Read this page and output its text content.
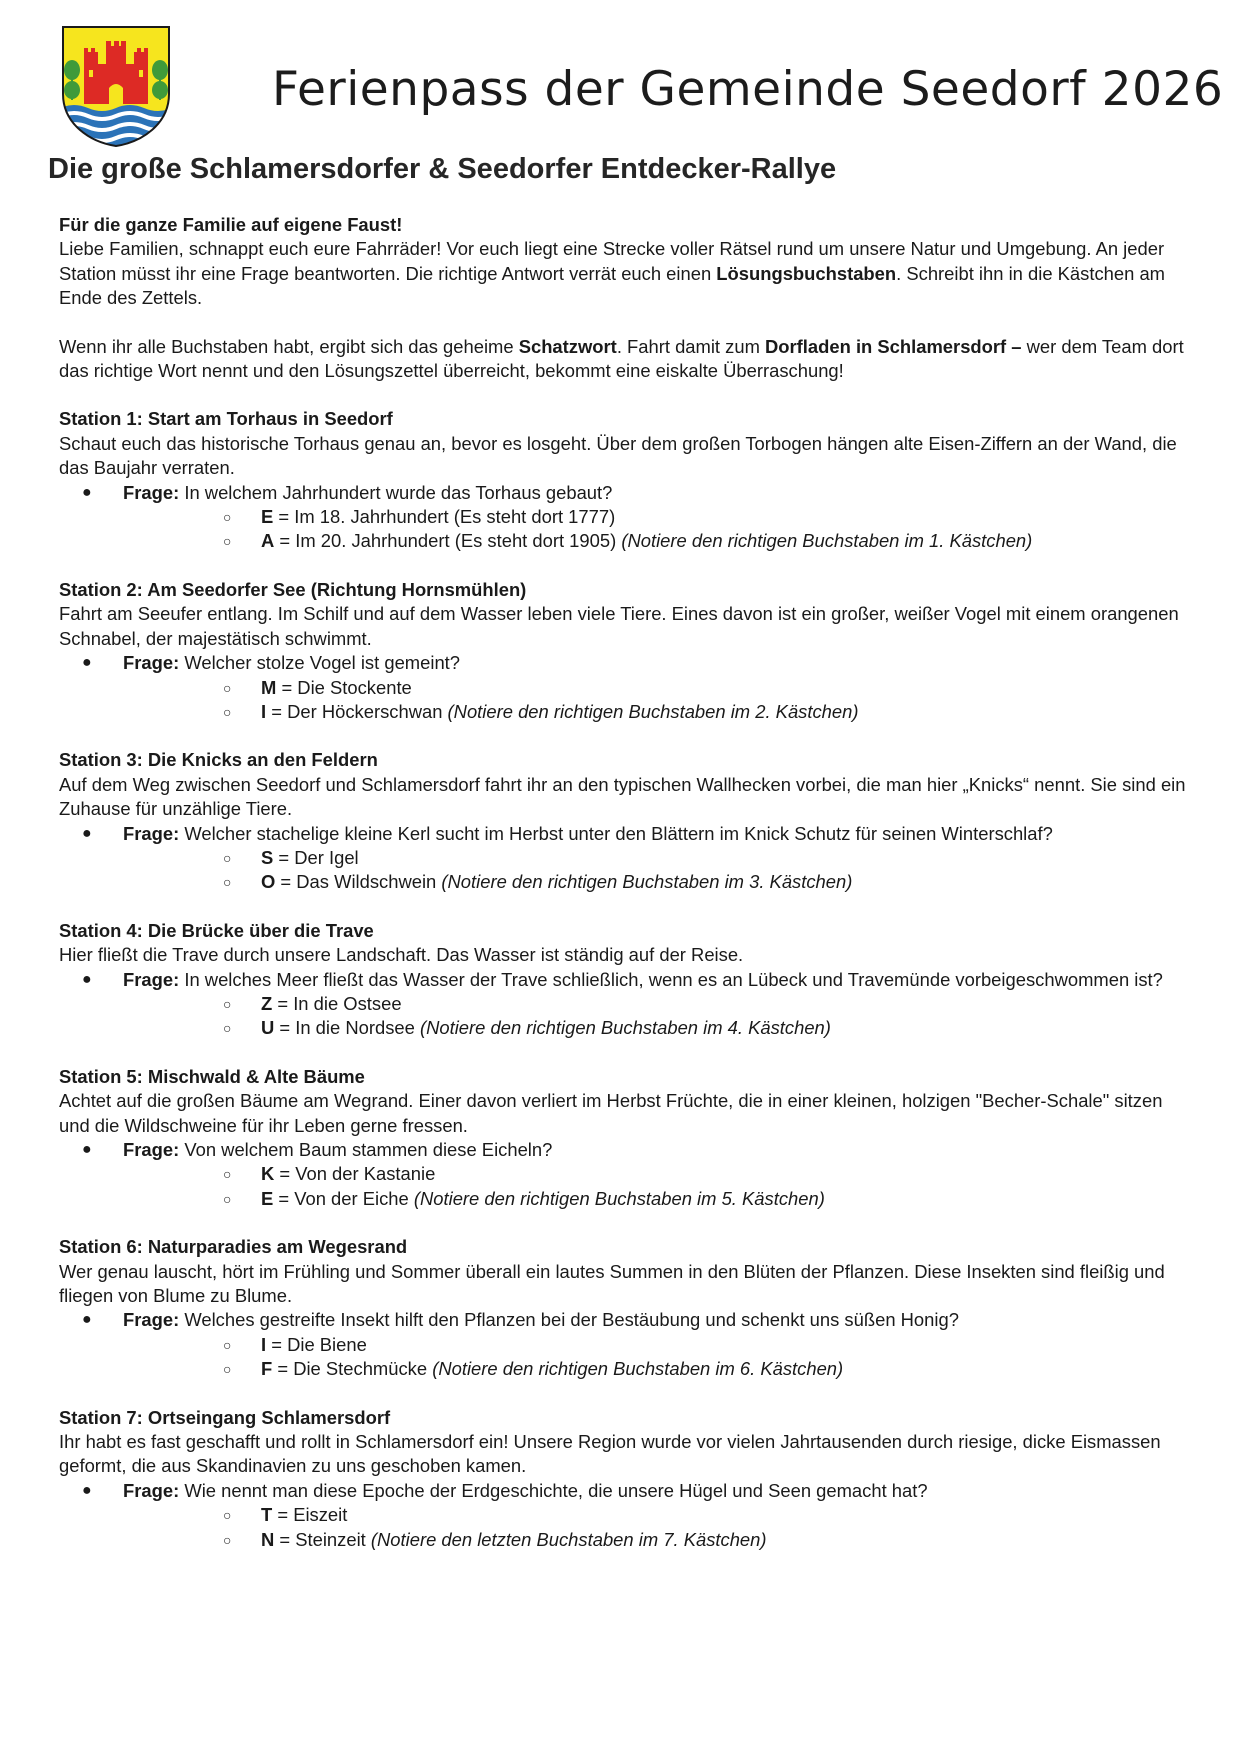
Ferienpass der Gemeinde Seedorf 2026
Die große Schlamersdorfer & Seedorfer Entdecker-Rallye
Für die ganze Familie auf eigene Faust!

Liebe Familien, schnappt euch eure Fahrräder! Vor euch liegt eine Strecke voller Rätsel rund um unsere Natur und Umgebung. An jeder Station müsst ihr eine Frage beantworten. Die richtige Antwort verrät euch einen Lösungsbuchstaben. Schreibt ihn in die Kästchen am Ende des Zettels.

Wenn ihr alle Buchstaben habt, ergibt sich das geheime Schatzwort. Fahrt damit zum Dorfladen in Schlamersdorf – wer dem Team dort das richtige Wort nennt und den Lösungszettel überreicht, bekommt eine eiskalte Überraschung!

Station 1: Start am Torhaus in Seedorf

Schaut euch das historische Torhaus genau an, bevor es losgeht. Über dem großen Torbogen hängen alte Eisen-Ziffern an der Wand, die das Baujahr verraten.

● Frage: In welchem Jahrhundert wurde das Torhaus gebaut?
○ E = Im 18. Jahrhundert (Es steht dort 1777)
○ A = Im 20. Jahrhundert (Es steht dort 1905) (Notiere den richtigen Buchstaben im 1. Kästchen)
Station 2: Am Seedorfer See (Richtung Hornsmühlen)

Fahrt am Seeufer entlang. Im Schilf und auf dem Wasser leben viele Tiere. Eines davon ist ein großer, weißer Vogel mit einem orangenen Schnabel, der majestätisch schwimmt.

● Frage: Welcher stolze Vogel ist gemeint?
○ M = Die Stockente
○ I = Der Höckerschwan (Notiere den richtigen Buchstaben im 2. Kästchen)
Station 3: Die Knicks an den Feldern

Auf dem Weg zwischen Seedorf und Schlamersdorf fahrt ihr an den typischen Wallhecken vorbei, die man hier „Knicks“ nennt. Sie sind ein Zuhause für unzählige Tiere.

● Frage: Welcher stachelige kleine Kerl sucht im Herbst unter den Blättern im Knick Schutz für seinen Winterschlaf?
○ S = Der Igel
○ O = Das Wildschwein (Notiere den richtigen Buchstaben im 3. Kästchen)
Station 4: Die Brücke über die Trave

Hier fließt die Trave durch unsere Landschaft. Das Wasser ist ständig auf der Reise.

● Frage: In welches Meer fließt das Wasser der Trave schließlich, wenn es an Lübeck und Travemünde vorbeigeschwommen ist?
○ Z = In die Ostsee
○ U = In die Nordsee (Notiere den richtigen Buchstaben im 4. Kästchen)
Station 5: Mischwald & Alte Bäume

Achtet auf die großen Bäume am Wegrand. Einer davon verliert im Herbst Früchte, die in einer kleinen, holzigen "Becher-Schale" sitzen und die Wildschweine für ihr Leben gerne fressen.

● Frage: Von welchem Baum stammen diese Eicheln?
○ K = Von der Kastanie
○ E = Von der Eiche (Notiere den richtigen Buchstaben im 5. Kästchen)
Station 6: Naturparadies am Wegesrand

Wer genau lauscht, hört im Frühling und Sommer überall ein lautes Summen in den Blüten der Pflanzen. Diese Insekten sind fleißig und fliegen von Blume zu Blume.

● Frage: Welches gestreifte Insekt hilft den Pflanzen bei der Bestäubung und schenkt uns süßen Honig?
○ I = Die Biene
○ F = Die Stechmücke (Notiere den richtigen Buchstaben im 6. Kästchen)
Station 7: Ortseingang Schlamersdorf

Ihr habt es fast geschafft und rollt in Schlamersdorf ein! Unsere Region wurde vor vielen Jahrtausenden durch riesige, dicke Eismassen geformt, die aus Skandinavien zu uns geschoben kamen.

● Frage: Wie nennt man diese Epoche der Erdgeschichte, die unsere Hügel und Seen gemacht hat?
○ T = Eiszeit
○ N = Steinzeit (Notiere den letzten Buchstaben im 7. Kästchen)
